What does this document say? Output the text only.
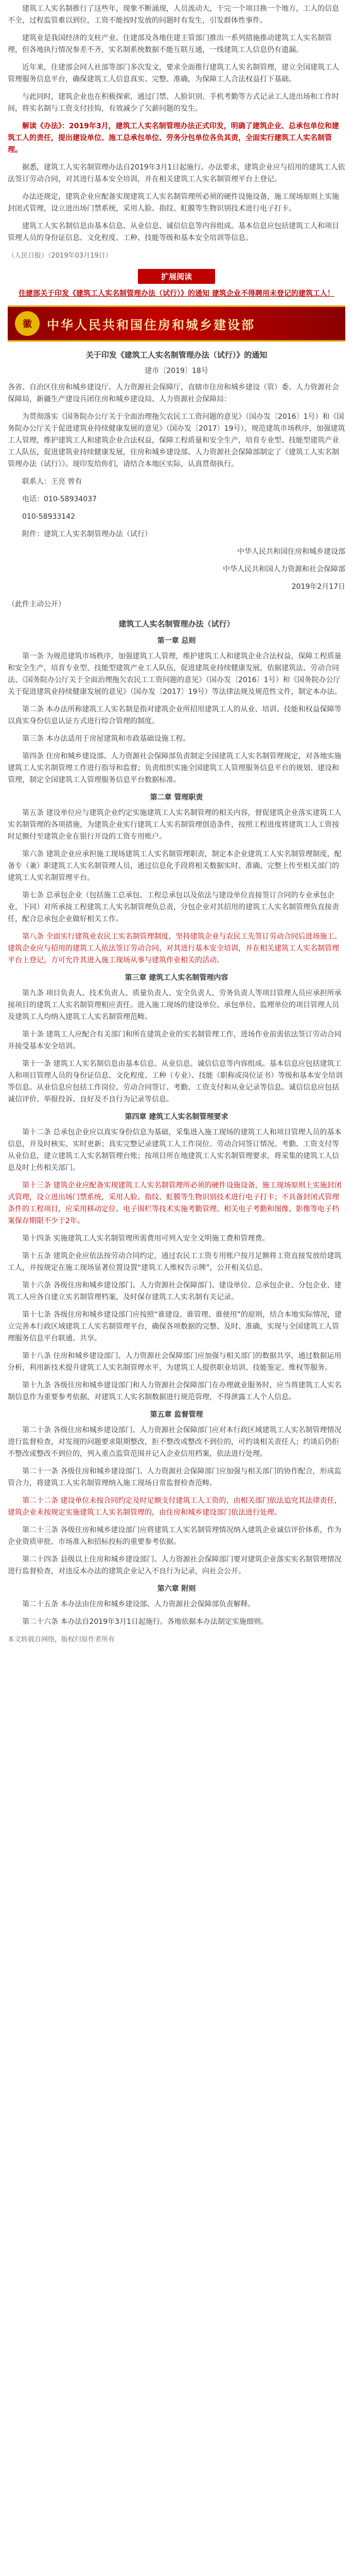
建筑工人实名制推行了这些年，现象不断涌现，人员流动大，干完一个项目换一个地方，工人的信息不全，过程监管难以到位，工资不能按时发放的问题时有发生，引发群体性事件。

建筑业是我国经济的支柱产业。住建部及各地住建主管部门推出一系列措施推动建筑工人实名制管理，但各地执行情况参差不齐，实名制系统数据不能互联互通，一线建筑工人信息仍有遗漏。

近年来，住建部会同人社部等部门多次发文，要求全面推行建筑工人实名制管理，建立全国建筑工人管理服务信息平台，确保建筑工人信息真实、完整、准确，为保障工人合法权益打下基础。

与此同时，建筑企业也在积极探索，通过门禁、人脸识别、手机考勤等方式记录工人进出场和工作时间，将实名制与工资支付挂钩，有效减少了欠薪问题的发生。

解读《办法》：2019年3月，建筑工人实名制管理办法正式印发，明确了建筑企业、总承包单位和建筑工人的责任，提出建设单位、施工总承包单位、劳务分包单位各负其责，全面实行建筑工人实名制管理。

据悉，建筑工人实名制管理办法自2019年3月1日起施行。办法要求，建筑企业应与招用的建筑工人依法签订劳动合同，对其进行基本安全培训，并在相关建筑工人实名制管理平台上登记。

办法还规定，建筑企业应配备实现建筑工人实名制管理所必须的硬件设施设备，施工现场原则上实施封闭式管理，设立进出场门禁系统，采用人脸、指纹、虹膜等生物识别技术进行电子打卡。

建筑工人实名制信息由基本信息、从业信息、诚信信息等内容组成。基本信息应包括建筑工人和项目管理人员的身份证信息、文化程度、工种、技能等级和基本安全培训等信息。

（人民日报）（2019年03月19日）

扩展阅读

住建部关于印发《建筑工人实名制管理办法（试行）》的通知 建筑企业不得聘用未登记的建筑工人！

徽	中华人民共和国住房和城乡建设部
关于印发《建筑工人实名制管理办法（试行）》的通知
建市〔2019〕18号

各省、自治区住房和城乡建设厅、人力资源社会保障厅，直辖市住房和城乡建设（管）委、人力资源社会保障局，新疆生产建设兵团住房和城乡建设局、人力资源社会保障局：

为贯彻落实《国务院办公厅关于全面治理拖欠农民工工资问题的意见》（国办发〔2016〕1号）和《国务院办公厅关于促进建筑业持续健康发展的意见》（国办发〔2017〕19号），规范建筑市场秩序，加强建筑工人管理，维护建筑工人和建筑企业合法权益，保障工程质量和安全生产，培育专业型、技能型建筑产业工人队伍，促进建筑业持续健康发展，住房和城乡建设部、人力资源社会保障部制定了《建筑工人实名制管理办法（试行）》。现印发给你们，请结合本地区实际，认真贯彻执行。

联系人：王亮 曾有

电话：010-58934037

010-58933142

附件：建筑工人实名制管理办法（试行）

中华人民共和国住房和城乡建设部

中华人民共和国人力资源和社会保障部

2019年2月17日

（此件主动公开）

建筑工人实名制管理办法（试行）
第一章 总则

第一条 为规范建筑市场秩序，加强建筑工人管理，维护建筑工人和建筑企业合法权益，保障工程质量和安全生产，培育专业型、技能型建筑产业工人队伍，促进建筑业持续健康发展，依据建筑法、劳动合同法、《国务院办公厅关于全面治理拖欠农民工工资问题的意见》（国办发〔2016〕1号）和《国务院办公厅关于促进建筑业持续健康发展的意见》（国办发〔2017〕19号）等法律法规及规范性文件，制定本办法。

第二条 本办法所称建筑工人实名制是指对建筑企业所招用建筑工人的从业、培训、技能和权益保障等以真实身份信息认证方式进行综合管理的制度。

第三条 本办法适用于房屋建筑和市政基础设施工程。

第四条 住房和城乡建设部、人力资源社会保障部负责制定全国建筑工人实名制管理规定，对各地实施建筑工人实名制管理工作进行指导和监督；负责组织实施全国建筑工人管理服务信息平台的规划、建设和管理，制定全国建筑工人管理服务信息平台数据标准。

第二章 管理职责

第五条 建设单位应与建筑企业约定实施建筑工人实名制管理的相关内容，督促建筑企业落实建筑工人实名制管理的各项措施，为建筑企业实行建筑工人实名制管理创造条件，按照工程进度将建筑工人工资按时足额付至建筑企业在银行开设的工资专用账户。

第六条 建筑企业应承担施工现场建筑工人实名制管理职责，制定本企业建筑工人实名制管理制度，配备专（兼）职建筑工人实名制管理人员，通过信息化手段将相关数据实时、准确、完整上传至相关部门的建筑工人实名制管理平台。

第七条 总承包企业（包括施工总承包、工程总承包以及依法与建设单位直接签订合同的专业承包企业，下同）对所承接工程建筑工人实名制管理负总责，分包企业对其招用的建筑工人实名制管理负直接责任，配合总承包企业做好相关工作。

第八条 全面实行建筑业农民工实名制管理制度，坚持建筑企业与农民工先签订劳动合同后进场施工。建筑企业应与招用的建筑工人依法签订劳动合同，对其进行基本安全培训，并在相关建筑工人实名制管理平台上登记，方可允许其进入施工现场从事与建筑作业相关的活动。

第三章 建筑工人实名制管理内容

第九条 项目负责人、技术负责人、质量负责人、安全负责人、劳务负责人等项目管理人员应承担所承接项目的建筑工人实名制管理相应责任。进入施工现场的建设单位、承包单位、监理单位的项目管理人员及建筑工人均纳入建筑工人实名制管理范畴。

第十条 建筑工人应配合有关部门和所在建筑企业的实名制管理工作，进场作业前需依法签订劳动合同并接受基本安全培训。

第十一条 建筑工人实名制信息由基本信息、从业信息、诚信信息等内容组成。基本信息应包括建筑工人和项目管理人员的身份证信息、文化程度、工种（专业）、技能（职称或岗位证书）等级和基本安全培训等信息。从业信息应包括工作岗位、劳动合同签订、考勤、工资支付和从业记录等信息。诚信信息应包括诚信评价、举报投诉、良好及不良行为记录等信息。

第四章 建筑工人实名制管理要求

第十二条 总承包企业应以真实身份信息为基础，采集进入施工现场的建筑工人和项目管理人员的基本信息，并及时核实、实时更新；真实完整记录建筑工人工作岗位、劳动合同签订情况、考勤、工资支付等从业信息，建立建筑工人实名制管理台账；按项目所在地建筑工人实名制管理要求，将采集的建筑工人信息及时上传相关部门。

第十三条 建筑企业应配备实现建筑工人实名制管理所必须的硬件设施设备，施工现场原则上实施封闭式管理，设立进出场门禁系统，采用人脸、指纹、虹膜等生物识别技术进行电子打卡；不具备封闭式管理条件的工程项目，应采用移动定位、电子围栏等技术实施考勤管理。相关电子考勤和图像、影像等电子档案保存期限不少于2年。

第十四条 实施建筑工人实名制管理所需费用可列入安全文明施工费和管理费。

第十五条 建筑企业应依法按劳动合同约定，通过农民工工资专用账户按月足额将工资直接发放给建筑工人，并按规定在施工现场显著位置设置“建筑工人维权告示牌”，公开相关信息。

第十六条 各级住房和城乡建设部门、人力资源社会保障部门、建设单位、总承包企业、分包企业、建筑工人应各自建立实名制管理档案，及时保存建筑工人实名制有关记录。

第十七条 各级住房和城乡建设部门应按照“谁建设、谁管理、谁使用”的原则，结合本地实际情况，建立完善本行政区域建筑工人实名制管理平台，确保各项数据的完整、及时、准确，实现与全国建筑工人管理服务信息平台联通、共享。

第十八条 住房和城乡建设部门、人力资源社会保障部门应加强与相关部门的数据共享，通过数据运用分析，利用新技术提升建筑工人实名制管理水平，为建筑工人提供职业培训、技能鉴定、维权等服务。

第十九条 各级住房和城乡建设部门和人力资源社会保障部门在办理就业服务时，应当将建筑工人实名制信息作为重要参考依据，对建筑工人实名制数据进行规范管理，不得泄露工人个人信息。

第五章 监督管理

第二十条 各级住房和城乡建设部门、人力资源社会保障部门应对本行政区域建筑工人实名制管理情况进行监督检查，对发现的问题要求限期整改，拒不整改或整改不到位的，可约谈相关责任人；约谈后仍拒不整改或整改不到位的，列入重点监管范围并记入企业信用档案，依法进行处理。

第二十一条 各级住房和城乡建设部门、人力资源社会保障部门应加强与相关部门的协作配合，形成监管合力，将建筑工人实名制管理纳入施工现场日常监督检查范畴。

第二十二条 建设单位未按合同约定及时足额支付建筑工人工资的，由相关部门依法追究其法律责任，建筑企业未按规定实施建筑工人实名制管理的，由住房和城乡建设部门依法进行处理。

第二十三条 各级住房和城乡建设部门应将建筑工人实名制管理情况纳入建筑企业诚信评价体系，作为企业资质审批、市场准入和招标投标的重要参考依据。

第二十四条 县级以上住房和城乡建设部门、人力资源社会保障部门要对建筑企业落实实名制管理情况进行监督检查，对违反本办法的建筑企业记入不良行为记录，向社会公开。

第六章 附则

第二十五条 本办法由住房和城乡建设部、人力资源社会保障部负责解释。

第二十六条 本办法自2019年3月1日起施行。各地依据本办法制定实施细则。

本文转载自网络，版权归原作者所有
